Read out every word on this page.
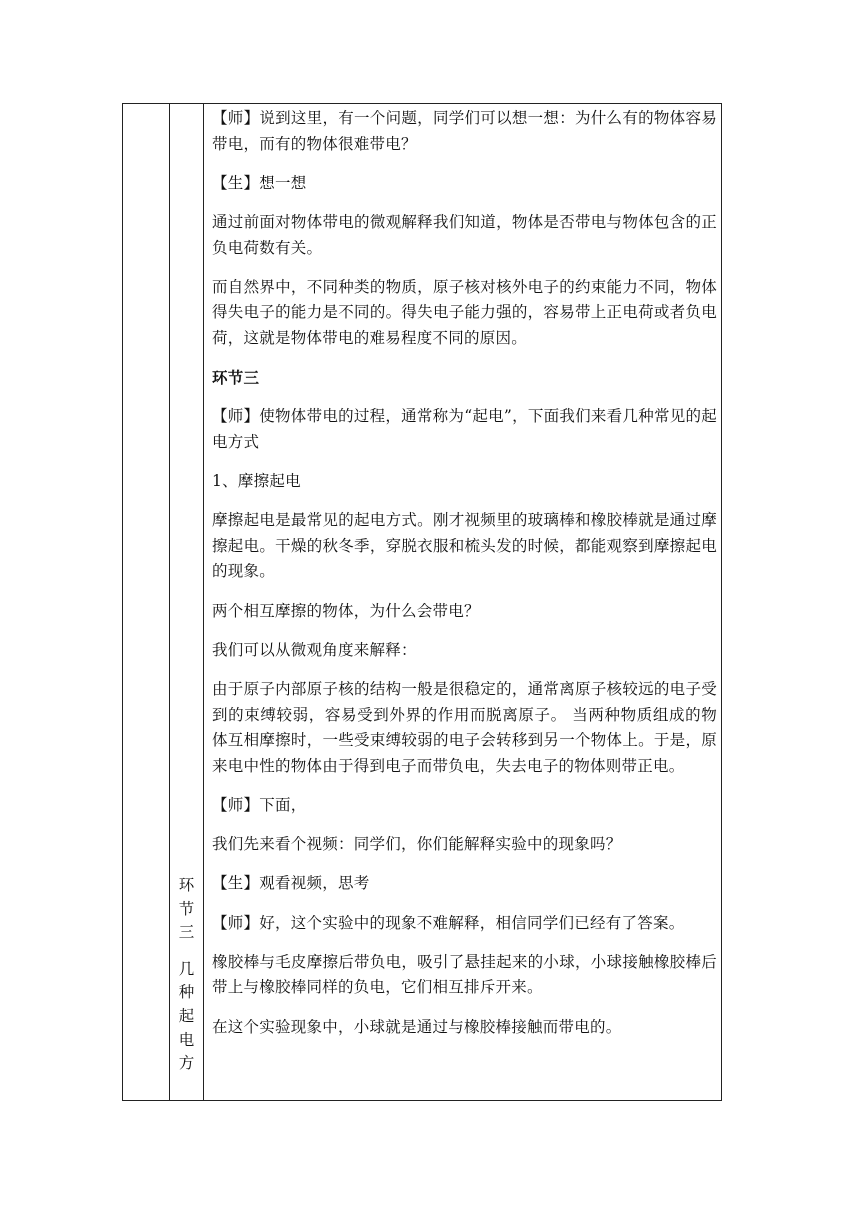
环
节
三
几
种
起
电
方

【师】说到这里，有一个问题，同学们可以想一想：为什么有的物体容易带电，而有的物体很难带电？

【生】想一想

通过前面对物体带电的微观解释我们知道，物体是否带电与物体包含的正负电荷数有关。

而自然界中，不同种类的物质，原子核对核外电子的约束能力不同，物体得失电子的能力是不同的。得失电子能力强的，容易带上正电荷或者负电荷，这就是物体带电的难易程度不同的原因。

环节三

【师】使物体带电的过程，通常称为“起电”，下面我们来看几种常见的起电方式

1、摩擦起电

摩擦起电是最常见的起电方式。刚才视频里的玻璃棒和橡胶棒就是通过摩擦起电。干燥的秋冬季，穿脱衣服和梳头发的时候，都能观察到摩擦起电的现象。

两个相互摩擦的物体，为什么会带电？

我们可以从微观角度来解释：

由于原子内部原子核的结构一般是很稳定的，通常离原子核较远的电子受到的束缚较弱，容易受到外界的作用而脱离原子。 当两种物质组成的物体互相摩擦时，一些受束缚较弱的电子会转移到另一个物体上。于是，原来电中性的物体由于得到电子而带负电，失去电子的物体则带正电。

【师】下面，

我们先来看个视频：同学们，你们能解释实验中的现象吗？

【生】观看视频，思考

【师】好，这个实验中的现象不难解释，相信同学们已经有了答案。

橡胶棒与毛皮摩擦后带负电，吸引了悬挂起来的小球，小球接触橡胶棒后带上与橡胶棒同样的负电，它们相互排斥开来。

在这个实验现象中，小球就是通过与橡胶棒接触而带电的。
